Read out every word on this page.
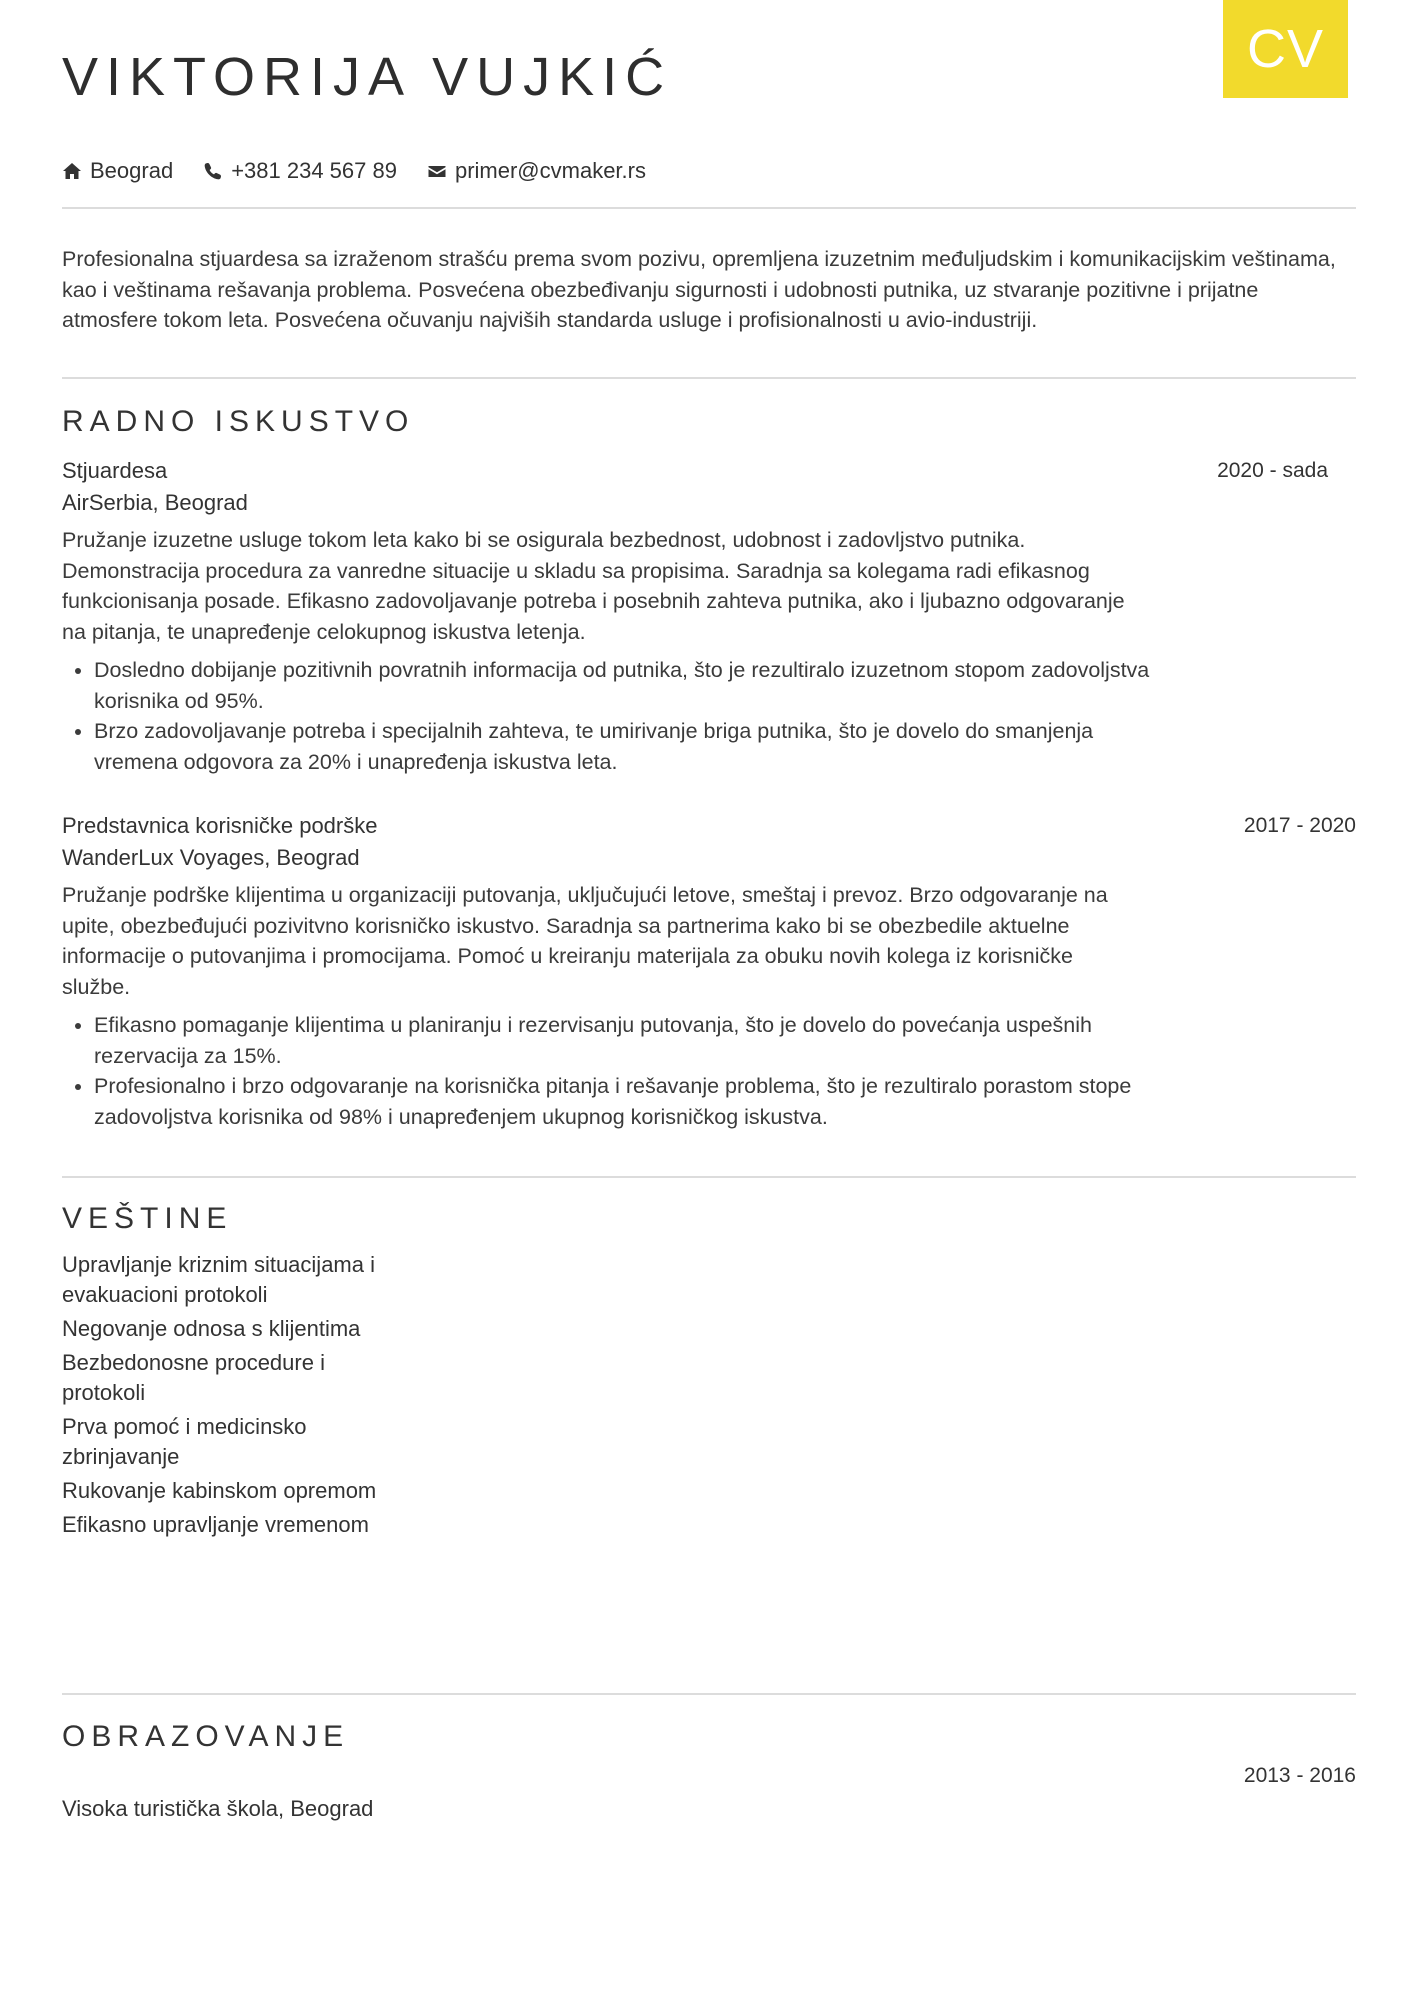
CV
VIKTORIJA VUJKIĆ
Beograd	+381 234 567 89	primer@cvmaker.rs

Profesionalna stjuardesa sa izraženom strašću prema svom pozivu, opremljena izuzetnim međuljudskim i komunikacijskim veštinama, kao i veštinama rešavanja problema. Posvećena obezbeđivanju sigurnosti i udobnosti putnika, uz stvaranje pozitivne i prijatne atmosfere tokom leta. Posvećena očuvanju najviših standarda usluge i profisionalnosti u avio-industriji.

RADNO ISKUSTVO
Stjuardesa
AirSerbia, Beograd
2020 - sada

Pružanje izuzetne usluge tokom leta kako bi se osigurala bezbednost, udobnost i zadovljstvo putnika. Demonstracija procedura za vanredne situacije u skladu sa propisima. Saradnja sa kolegama radi efikasnog funkcionisanja posade. Efikasno zadovoljavanje potreba i posebnih zahteva putnika, ako i ljubazno odgovaranje na pitanja, te unapređenje celokupnog iskustva letenja.

• Dosledno dobijanje pozitivnih povratnih informacija od putnika, što je rezultiralo izuzetnom stopom zadovoljstva korisnika od 95%.
• Brzo zadovoljavanje potreba i specijalnih zahteva, te umirivanje briga putnika, što je dovelo do smanjenja vremena odgovora za 20% i unapređenja iskustva leta.
Predstavnica korisničke podrške
WanderLux Voyages, Beograd
2017 - 2020

Pružanje podrške klijentima u organizaciji putovanja, uključujući letove, smeštaj i prevoz. Brzo odgovaranje na upite, obezbeđujući pozivitvno korisničko iskustvo. Saradnja sa partnerima kako bi se obezbedile aktuelne informacije o putovanjima i promocijama. Pomoć u kreiranju materijala za obuku novih kolega iz korisničke službe.

• Efikasno pomaganje klijentima u planiranju i rezervisanju putovanja, što je dovelo do povećanja uspešnih rezervacija za 15%.
• Profesionalno i brzo odgovaranje na korisnička pitanja i rešavanje problema, što je rezultiralo porastom stope zadovoljstva korisnika od 98% i unapređenjem ukupnog korisničkog iskustva.
VEŠTINE
Upravljanje kriznim situacijama i evakuacioni protokoli
Negovanje odnosa s klijentima
Bezbedonosne procedure i protokoli
Prva pomoć i medicinsko zbrinjavanje
Rukovanje kabinskom opremom
Efikasno upravljanje vremenom
OBRAZOVANJE
2013 - 2016
Visoka turistička škola, Beograd
